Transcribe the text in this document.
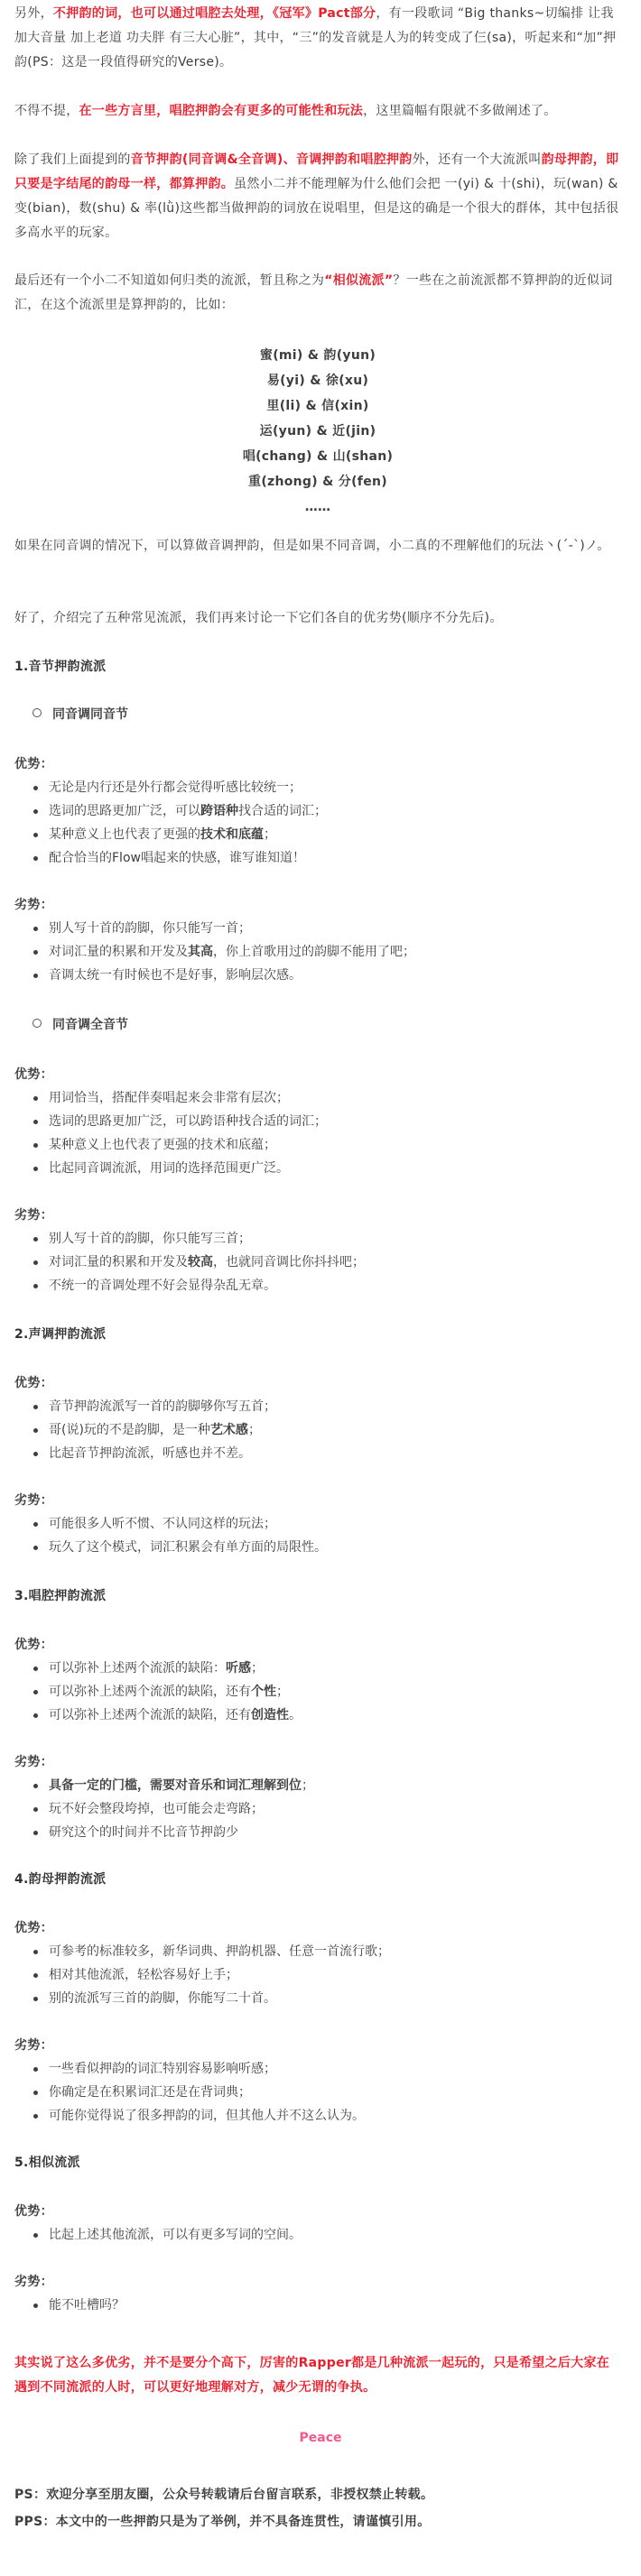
另外，不押韵的词，也可以通过唱腔去处理，《冠军》Pact部分，有一段歌词 “Big thanks~切编排 让我加大音量 加上老道 功夫胖 有三大心脏”，其中，“三”的发音就是人为的转变成了仨(sa)，听起来和“加”押韵(PS：这是一段值得研究的Verse)。
不得不提，在一些方言里，唱腔押韵会有更多的可能性和玩法，这里篇幅有限就不多做阐述了。
除了我们上面提到的音节押韵(同音调&全音调)、音调押韵和唱腔押韵外，还有一个大流派叫韵母押韵，即只要是字结尾的韵母一样，都算押韵。虽然小二并不能理解为什么他们会把 一(yi) & 十(shi)，玩(wan) & 变(bian)，数(shu) & 率(lǜ)这些都当做押韵的词放在说唱里，但是这的确是一个很大的群体，其中包括很多高水平的玩家。
最后还有一个小二不知道如何归类的流派，暂且称之为“相似流派”？一些在之前流派都不算押韵的近似词汇，在这个流派里是算押韵的，比如：
蜜(mi) & 韵(yun)
易(yi) & 徐(xu)
里(li) & 信(xin)
运(yun) & 近(jin)
唱(chang) & 山(shan)
重(zhong) & 分(fen)
……
如果在同音调的情况下，可以算做音调押韵，但是如果不同音调，小二真的不理解他们的玩法丶(ˊ-ˋ)ノ。
好了，介绍完了五种常见流派，我们再来讨论一下它们各自的优劣势(顺序不分先后)。
1.音节押韵流派
同音调同音节
优势：
无论是内行还是外行都会觉得听感比较统一；
选词的思路更加广泛，可以跨语种找合适的词汇；
某种意义上也代表了更强的技术和底蕴；
配合恰当的Flow唱起来的快感，谁写谁知道！
劣势：
别人写十首的韵脚，你只能写一首；
对词汇量的积累和开发及其高，你上首歌用过的韵脚不能用了吧；
音调太统一有时候也不是好事，影响层次感。
同音调全音节
优势：
用词恰当，搭配伴奏唱起来会非常有层次；
选词的思路更加广泛，可以跨语种找合适的词汇；
某种意义上也代表了更强的技术和底蕴；
比起同音调流派，用词的选择范围更广泛。
劣势：
别人写十首的韵脚，你只能写三首；
对词汇量的积累和开发及较高，也就同音调比你抖抖吧；
不统一的音调处理不好会显得杂乱无章。
2.声调押韵流派
优势：
音节押韵流派写一首的韵脚够你写五首；
哥(说)玩的不是韵脚，是一种艺术感；
比起音节押韵流派，听感也并不差。
劣势：
可能很多人听不惯、不认同这样的玩法；
玩久了这个模式，词汇积累会有单方面的局限性。
3.唱腔押韵流派
优势：
可以弥补上述两个流派的缺陷：听感；
可以弥补上述两个流派的缺陷，还有个性；
可以弥补上述两个流派的缺陷，还有创造性。
劣势：
具备一定的门槛，需要对音乐和词汇理解到位；
玩不好会整段垮掉，也可能会走弯路；
研究这个的时间并不比音节押韵少
4.韵母押韵流派
优势：
可参考的标准较多，新华词典、押韵机器、任意一首流行歌；
相对其他流派，轻松容易好上手；
别的流派写三首的韵脚，你能写二十首。
劣势：
一些看似押韵的词汇特别容易影响听感；
你确定是在积累词汇还是在背词典；
可能你觉得说了很多押韵的词，但其他人并不这么认为。
5.相似流派
优势：
比起上述其他流派，可以有更多写词的空间。
劣势：
能不吐槽吗？
其实说了这么多优劣，并不是要分个高下，厉害的Rapper都是几种流派一起玩的，只是希望之后大家在遇到不同流派的人时，可以更好地理解对方，减少无谓的争执。
Peace
PS：欢迎分享至朋友圈，公众号转载请后台留言联系，非授权禁止转载。
PPS：本文中的一些押韵只是为了举例，并不具备连贯性，请谨慎引用。
